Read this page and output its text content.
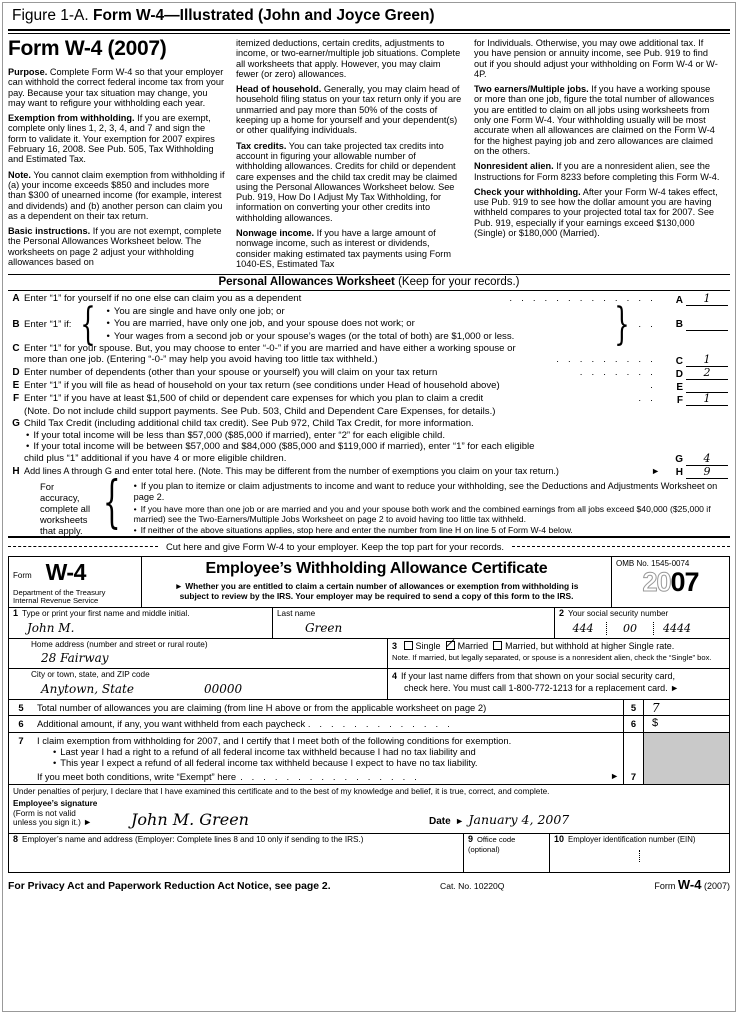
Figure 1-A. Form W-4—Illustrated (John and Joyce Green)
Form W-4 (2007)

Purpose. Complete Form W-4 so that your employer can withhold the correct federal income tax from your pay. Because your tax situation may change, you may want to refigure your withholding each year.

Exemption from withholding. If you are exempt, complete only lines 1, 2, 3, 4, and 7 and sign the form to validate it. Your exemption for 2007 expires February 16, 2008. See Pub. 505, Tax Withholding and Estimated Tax.

Note. You cannot claim exemption from withholding if (a) your income exceeds $850 and includes more than $300 of unearned income (for example, interest and dividends) and (b) another person can claim you as a dependent on their tax return.

Basic instructions. If you are not exempt, complete the Personal Allowances Worksheet below. The worksheets on page 2 adjust your withholding allowances based on

itemized deductions, certain credits, adjustments to income, or two-earner/multiple job situations. Complete all worksheets that apply. However, you may claim fewer (or zero) allowances.

Head of household. Generally, you may claim head of household filing status on your tax return only if you are unmarried and pay more than 50% of the costs of keeping up a home for yourself and your dependent(s) or other qualifying individuals.

Tax credits. You can take projected tax credits into account in figuring your allowable number of withholding allowances. Credits for child or dependent care expenses and the child tax credit may be claimed using the Personal Allowances Worksheet below. See Pub. 919, How Do I Adjust My Tax Withholding, for information on converting your other credits into withholding allowances.

Nonwage income. If you have a large amount of nonwage income, such as interest or dividends, consider making estimated tax payments using Form 1040-ES, Estimated Tax

for Individuals. Otherwise, you may owe additional tax. If you have pension or annuity income, see Pub. 919 to find out if you should adjust your withholding on Form W-4 or W-4P.

Two earners/Multiple jobs. If you have a working spouse or more than one job, figure the total number of allowances you are entitled to claim on all jobs using worksheets from only one Form W-4. Your withholding usually will be most accurate when all allowances are claimed on the Form W-4 for the highest paying job and zero allowances are claimed on the others.

Nonresident alien. If you are a nonresident alien, see the Instructions for Form 8233 before completing this Form W-4.

Check your withholding. After your Form W-4 takes effect, use Pub. 919 to see how the dollar amount you are having withheld compares to your projected total tax for 2007. See Pub. 919, especially if your earnings exceed $130,000 (Single) or $180,000 (Married).

Personal Allowances Worksheet (Keep for your records.)
A Enter “1” for yourself if no one else can claim you as a dependent	. . . . . . . . . . . . .	A	1
B Enter “1” if: {	• You are single and have only one job; or
• You are married, have only one job, and your spouse does not work; or
• Your wages from a second job or your spouse’s wages (or the total of both) are $1,000 or less.	} . .	B
C Enter “1” for your spouse. But, you may choose to enter “-0-” if you are married and have either a working spouse or
more than one job. (Entering “-0-” may help you avoid having too little tax withheld.)	. . . . . . . . .	C	1
D Enter number of dependents (other than your spouse or yourself) you will claim on your tax return	. . . . . . .	D	2
E Enter “1” if you will file as head of household on your tax return (see conditions under Head of household above)	.	E
F Enter “1” if you have at least $1,500 of child or dependent care expenses for which you plan to claim a credit	. .	F	1
(Note. Do not include child support payments. See Pub. 503, Child and Dependent Care Expenses, for details.)
G Child Tax Credit (including additional child tax credit). See Pub 972, Child Tax Credit, for more information.
• If your total income will be less than $57,000 ($85,000 if married), enter “2” for each eligible child.
• If your total income will be between $57,000 and $84,000 ($85,000 and $119,000 if married), enter “1” for each eligible
child plus “1” additional if you have 4 or more eligible children.	G	4
H Add lines A through G and enter total here. (Note. This may be different from the number of exemptions you claim on your tax return.)	► H	9
For accuracy,
complete all
worksheets
that apply. {	• If you plan to itemize or claim adjustments to income and want to reduce your withholding, see the Deductions and Adjustments Worksheet on page 2.
• If you have more than one job or are married and you and your spouse both work and the combined earnings from all jobs exceed $40,000 ($25,000 if married) see the Two-Earners/Multiple Jobs Worksheet on page 2 to avoid having too little tax withheld.
• If neither of the above situations applies, stop here and enter the number from line H on line 5 of Form W-4 below.
Cut here and give Form W-4 to your employer. Keep the top part for your records.
Form W-4
Department of the Treasury
Internal Revenue Service
Employee’s Withholding Allowance Certificate
► Whether you are entitled to claim a certain number of allowances or exemption from withholding is
subject to review by the IRS. Your employer may be required to send a copy of this form to the IRS.
OMB No. 1545-0074
2007
1 Type or print your first name and middle initial.
John M.
Last name
Green
2 Your social security number
444	00	4444
Home address (number and street or rural route)
28 Fairway
3 Single Married Married, but withhold at higher Single rate.
Note. If married, but legally separated, or spouse is a nonresident alien, check the “Single” box.
City or town, state, and ZIP code
Anytown, State	00000
4 If your last name differs from that shown on your social security card,
check here. You must call 1-800-772-1213 for a replacement card. ►
5	Total number of allowances you are claiming (from line H above or from the applicable worksheet on page 2)	5	7
6	Additional amount, if any, you want withheld from each paycheck . . . . . . . . . . . . .	6	$
7	I claim exemption from withholding for 2007, and I certify that I meet both of the following conditions for exemption.
• Last year I had a right to a refund of all federal income tax withheld because I had no tax liability and
• This year I expect a refund of all federal income tax withheld because I expect to have no tax liability.
If you meet both conditions, write “Exempt” here . . . . . . . . . . . . . . . .	►	7
Under penalties of perjury, I declare that I have examined this certificate and to the best of my knowledge and belief, it is true, correct, and complete.
Employee’s signature
(Form is not valid
unless you sign it.) ►	John M. Green	Date ► January 4, 2007
8 Employer’s name and address (Employer: Complete lines 8 and 10 only if sending to the IRS.)	9 Office code (optional)
10 Employer identification number (EIN)
For Privacy Act and Paperwork Reduction Act Notice, see page 2.	Cat. No. 10220Q	Form W-4 (2007)
